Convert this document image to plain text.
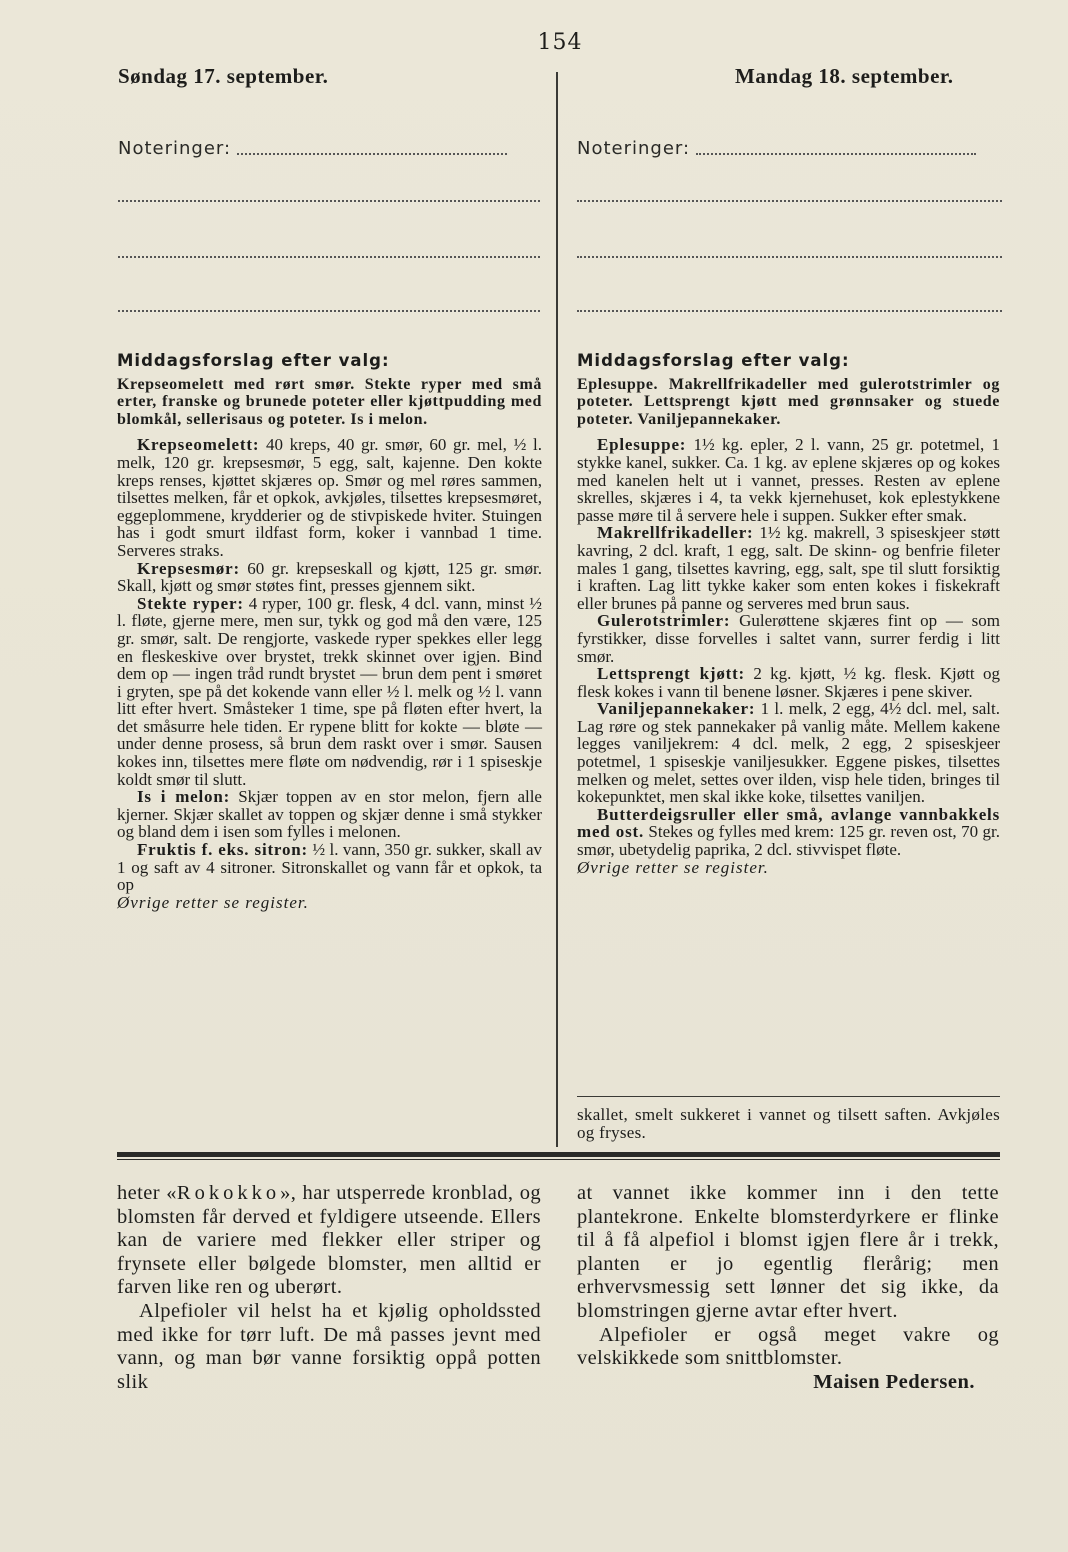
154
Søndag 17. september.	Mandag 18. september.
Noteringer:	Noteringer:
Middagsforslag efter valg:
Krepseomelett med rørt smør. Stekte ryper med små erter, franske og brunede poteter eller kjøttpudding med blomkål, sellerisaus og poteter. Is i melon.

Krepseomelett: 40 kreps, 40 gr. smør, 60 gr. mel, ½ l. melk, 120 gr. krepsesmør, 5 egg, salt, kajenne. Den kokte kreps renses, kjøttet skjæres op. Smør og mel røres sammen, tilsettes melken, får et opkok, avkjøles, tilsettes krepsesmøret, eggeplommene, krydderier og de stivpiskede hviter. Stuingen has i godt smurt ildfast form, koker i vannbad 1 time. Serveres straks.

Krepsesmør: 60 gr. krepseskall og kjøtt, 125 gr. smør. Skall, kjøtt og smør støtes fint, presses gjennem sikt.

Stekte ryper: 4 ryper, 100 gr. flesk, 4 dcl. vann, minst ½ l. fløte, gjerne mere, men sur, tykk og god må den være, 125 gr. smør, salt. De rengjorte, vaskede ryper spekkes eller legg en fleskeskive over brystet, trekk skinnet over igjen. Bind dem op — ingen tråd rundt brystet — brun dem pent i smøret i gryten, spe på det kokende vann eller ½ l. melk og ½ l. vann litt efter hvert. Småsteker 1 time, spe på fløten efter hvert, la det småsurre hele tiden. Er rypene blitt for kokte — bløte — under denne prosess, så brun dem raskt over i smør. Sausen kokes inn, tilsettes mere fløte om nødvendig, rør i 1 spiseskje koldt smør til slutt.

Is i melon: Skjær toppen av en stor melon, fjern alle kjerner. Skjær skallet av toppen og skjær denne i små stykker og bland dem i isen som fylles i melonen.

Fruktis f. eks. sitron: ½ l. vann, 350 gr. sukker, skall av 1 og saft av 4 sitroner. Sitronskallet og vann får et opkok, ta op

Øvrige retter se register.

Middagsforslag efter valg:
Eplesuppe. Makrellfrikadeller med gulerotstrimler og poteter. Lettsprengt kjøtt med grønnsaker og stuede poteter. Vaniljepannekaker.

Eplesuppe: 1½ kg. epler, 2 l. vann, 25 gr. potetmel, 1 stykke kanel, sukker. Ca. 1 kg. av eplene skjæres op og kokes med kanelen helt ut i vannet, presses. Resten av eplene skrelles, skjæres i 4, ta vekk kjernehuset, kok eplestykkene passe møre til å servere hele i suppen. Sukker efter smak.

Makrellfrikadeller: 1½ kg. makrell, 3 spiseskjeer støtt kavring, 2 dcl. kraft, 1 egg, salt. De skinn- og benfrie fileter males 1 gang, tilsettes kavring, egg, salt, spe til slutt forsiktig i kraften. Lag litt tykke kaker som enten kokes i fiskekraft eller brunes på panne og serveres med brun saus.

Gulerotstrimler: Gulerøttene skjæres fint op — som fyrstikker, disse forvelles i saltet vann, surrer ferdig i litt smør.

Lettsprengt kjøtt: 2 kg. kjøtt, ½ kg. flesk. Kjøtt og flesk kokes i vann til benene løsner. Skjæres i pene skiver.

Vaniljepannekaker: 1 l. melk, 2 egg, 4½ dcl. mel, salt. Lag røre og stek pannekaker på vanlig måte. Mellem kakene legges vaniljekrem: 4 dcl. melk, 2 egg, 2 spiseskjeer potetmel, 1 spiseskje vaniljesukker. Eggene piskes, tilsettes melken og melet, settes over ilden, visp hele tiden, bringes til kokepunktet, men skal ikke koke, tilsettes vaniljen.

Butterdeigsruller eller små, avlange vannbakkels med ost. Stekes og fylles med krem: 125 gr. reven ost, 70 gr. smør, ubetydelig paprika, 2 dcl. stivvispet fløte.

Øvrige retter se register.

skallet, smelt sukkeret i vannet og tilsett saften. Avkjøles og fryses.

heter «Rokokko», har utsperrede kronblad, og blomsten får derved et fyldigere utseende. Ellers kan de variere med flekker eller striper og frynsete eller bølgede blomster, men alltid er farven like ren og uberørt.

Alpefioler vil helst ha et kjølig opholdssted med ikke for tørr luft. De må passes jevnt med vann, og man bør vanne forsiktig oppå potten slik

at vannet ikke kommer inn i den tette plantekrone. Enkelte blomsterdyrkere er flinke til å få alpefiol i blomst igjen flere år i trekk, planten er jo egentlig flerårig; men erhvervsmessig sett lønner det sig ikke, da blomstringen gjerne avtar efter hvert.

Alpefioler er også meget vakre og velskikkede som snittblomster.

Maisen Pedersen.
